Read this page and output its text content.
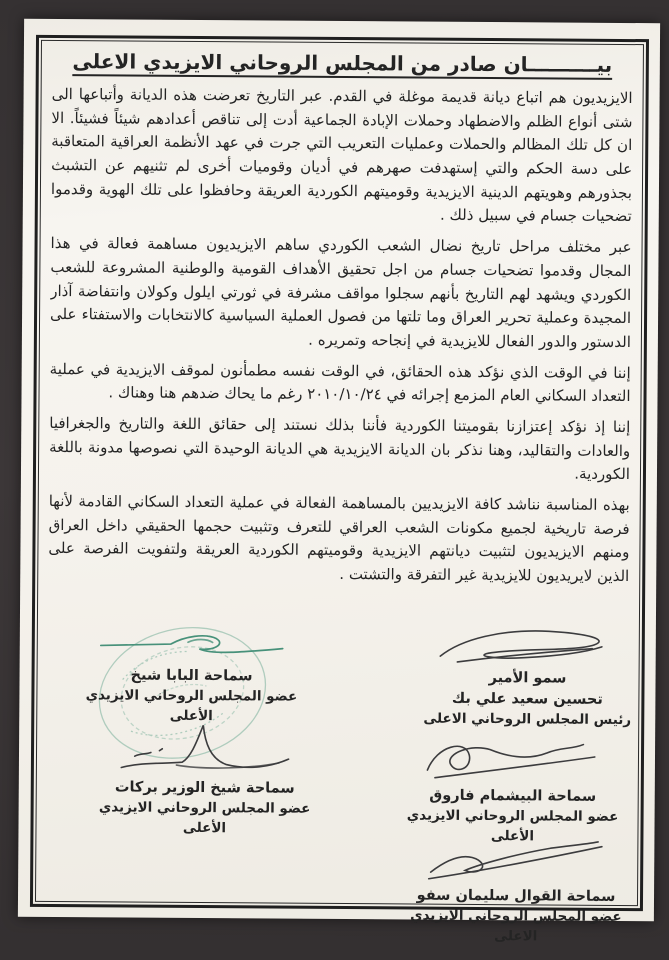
بيــــــــــان صادر من المجلس الروحاني الايزيدي الاعلى

الايزيديون هم اتباع ديانة قديمة موغلة في القدم. عبر التاريخ تعرضت هذه الديانة وأتباعها الى شتى أنواع الظلم والاضطهاد وحملات الإبادة الجماعية أدت إلى تناقص أعدادهم شيئاً فشيئاً. الا ان كل تلك المظالم والحملات وعمليات التعريب التي جرت في عهد الأنظمة العراقية المتعاقبة على دسة الحكم والتي إستهدفت صهرهم في أديان وقوميات أخرى لم تثنيهم عن التشبث بجذورهم وهويتهم الدينية الايزيدية وقوميتهم الكوردية العريقة وحافظوا على تلك الهوية وقدموا تضحيات جسام في سبيل ذلك .

عبر مختلف مراحل تاريخ نضال الشعب الكوردي ساهم الايزيديون مساهمة فعالة في هذا المجال وقدموا تضحيات جسام من اجل تحقيق الأهداف القومية والوطنية المشروعة للشعب الكوردي ويشهد لهم التاريخ بأنهم سجلوا مواقف مشرفة في ثورتي ايلول وكولان وانتفاضة آذار المجيدة وعملية تحرير العراق وما تلتها من فصول العملية السياسية كالانتخابات والاستفتاء على الدستور والدور الفعال للايزيدية في إنجاحه وتمريره .

إننا في الوقت الذي نؤكد هذه الحقائق، في الوقت نفسه مطمأنون لموقف الايزيدية في عملية التعداد السكاني العام المزمع إجرائه في ٢٠١٠/١٠/٢٤ رغم ما يحاك ضدهم هنا وهناك .

إننا إذ نؤكد إعتزازنا بقوميتنا الكوردية فأننا بذلك نستند إلى حقائق اللغة والتاريخ والجغرافيا والعادات والتقاليد، وهنا نذكر بان الديانة الايزيدية هي الديانة الوحيدة التي نصوصها مدونة باللغة الكوردية.

بهذه المناسبة نناشد كافة الايزيديين بالمساهمة الفعالة في عملية التعداد السكاني القادمة لأنها فرصة تاريخية لجميع مكونات الشعب العراقي للتعرف وتثبيت حجمها الحقيقي داخل العراق ومنهم الايزيديون لتثبيت ديانتهم الايزيدية وقوميتهم الكوردية العريقة ولتفويت الفرصة على الذين لايريديون للايزيدية غير التفرقة والتشتت .

سمو الأمير
تحسين سعيد علي بك
رئيس المجلس الروحاني الاعلى
سماحة البابا شيخ
عضو المجلس الروحاني الايزيدي الأعلى
سماحة شيخ الوزير بركات
عضو المجلس الروحاني الايزيدي الأعلى
سماحة البيشمام فاروق
عضو المجلس الروحاني الايزيدي الأعلى
سماحة القوال سليمان سفو
عضو المجلس الروحاني الايزيدي الاعلى
